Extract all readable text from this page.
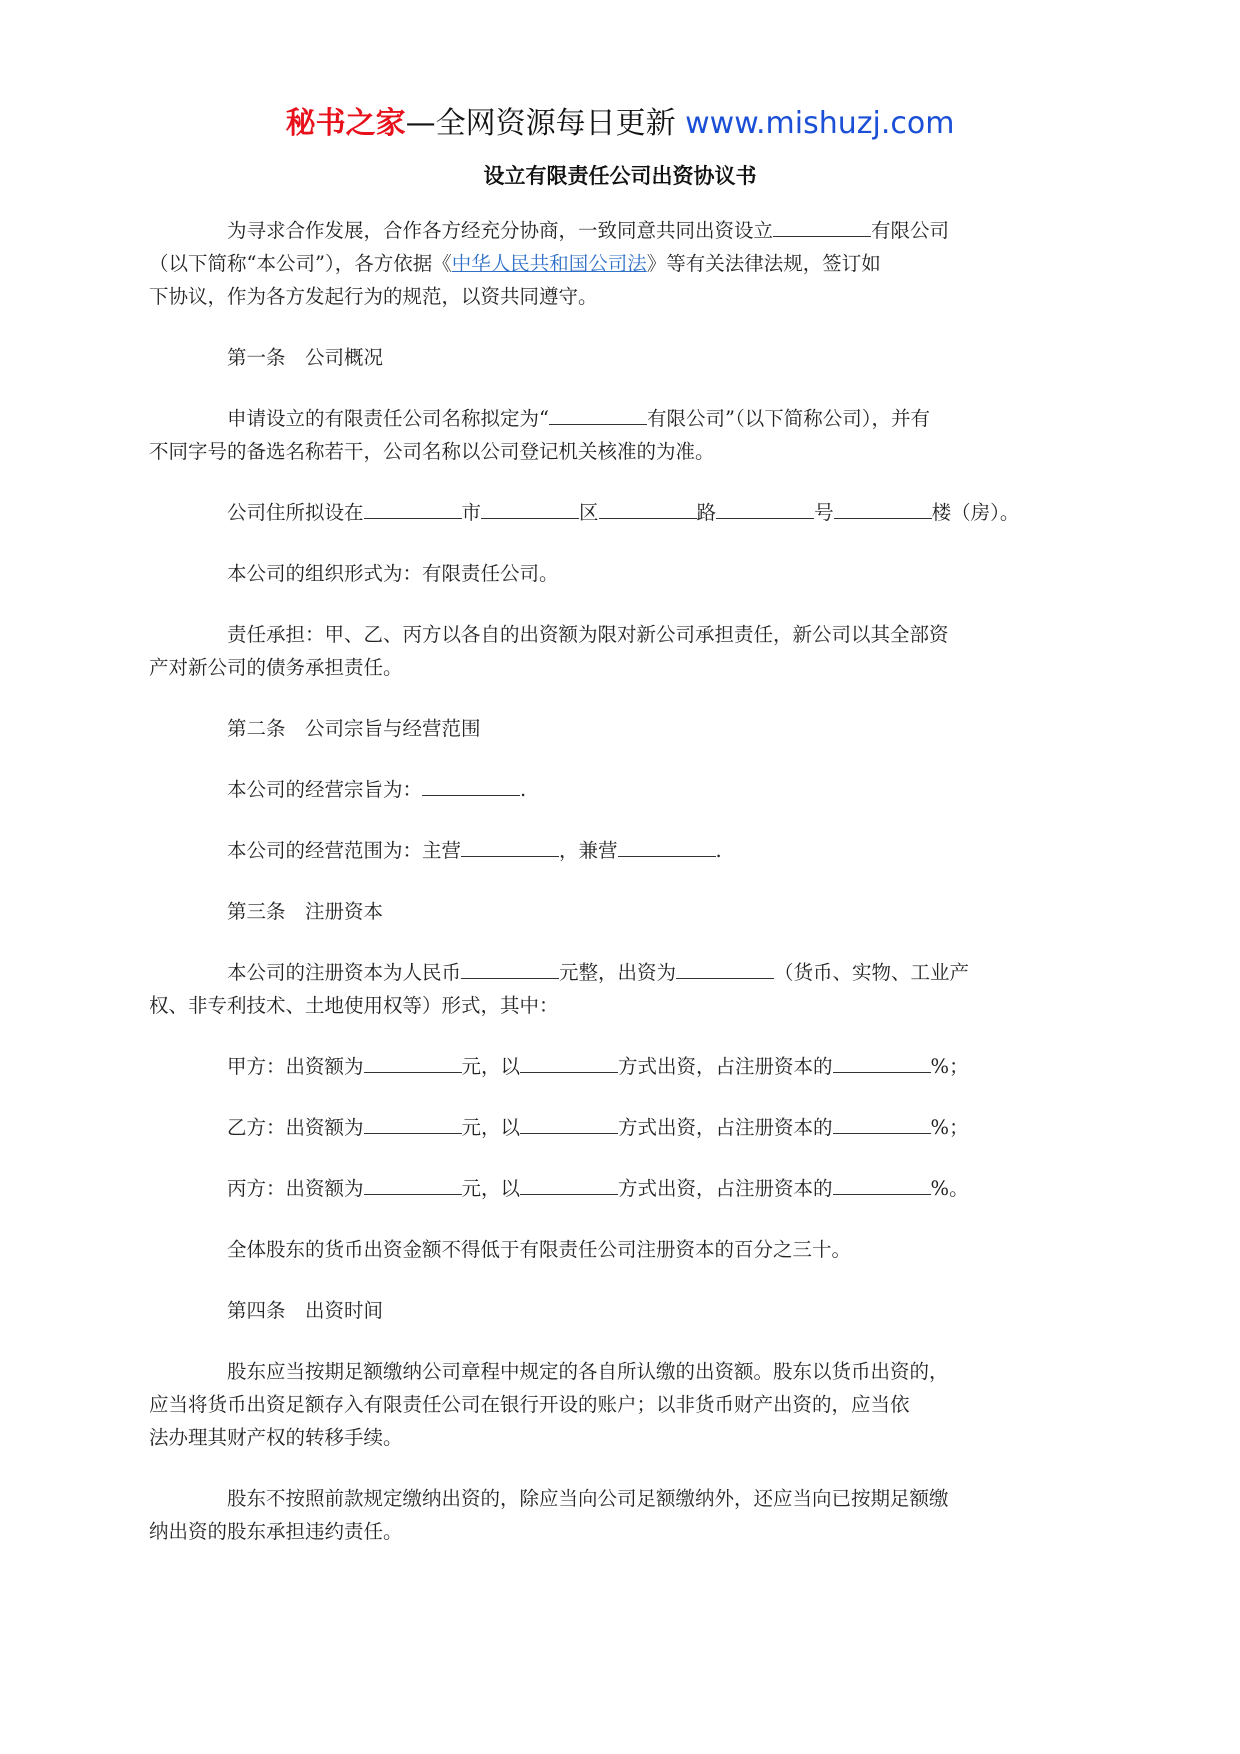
秘书之家—全网资源每日更新 www.mishuzj.com
设立有限责任公司出资协议书

为寻求合作发展，合作各方经充分协商，一致同意共同出资设立	有限公司
（以下简称“本公司”），各方依据《中华人民共和国公司法》等有关法律法规，签订如
下协议，作为各方发起行为的规范，以资共同遵守。

第一条　公司概况

申请设立的有限责任公司名称拟定为“	有限公司”（以下简称公司），并有
不同字号的备选名称若干，公司名称以公司登记机关核准的为准。

公司住所拟设在	市	区	路	号	楼（房）。

本公司的组织形式为：有限责任公司。

责任承担：甲、乙、丙方以各自的出资额为限对新公司承担责任，新公司以其全部资
产对新公司的债务承担责任。

第二条　公司宗旨与经营范围

本公司的经营宗旨为：	.

本公司的经营范围为：主营	，兼营	.

第三条　注册资本

本公司的注册资本为人民币	元整，出资为	（货币、实物、工业产
权、非专利技术、土地使用权等）形式，其中：

甲方：出资额为	元，以	方式出资，占注册资本的	%；

乙方：出资额为	元，以	方式出资，占注册资本的	%；

丙方：出资额为	元，以	方式出资，占注册资本的	%。

全体股东的货币出资金额不得低于有限责任公司注册资本的百分之三十。

第四条　出资时间

股东应当按期足额缴纳公司章程中规定的各自所认缴的出资额。股东以货币出资的，
应当将货币出资足额存入有限责任公司在银行开设的账户；以非货币财产出资的，应当依
法办理其财产权的转移手续。

股东不按照前款规定缴纳出资的，除应当向公司足额缴纳外，还应当向已按期足额缴
纳出资的股东承担违约责任。
